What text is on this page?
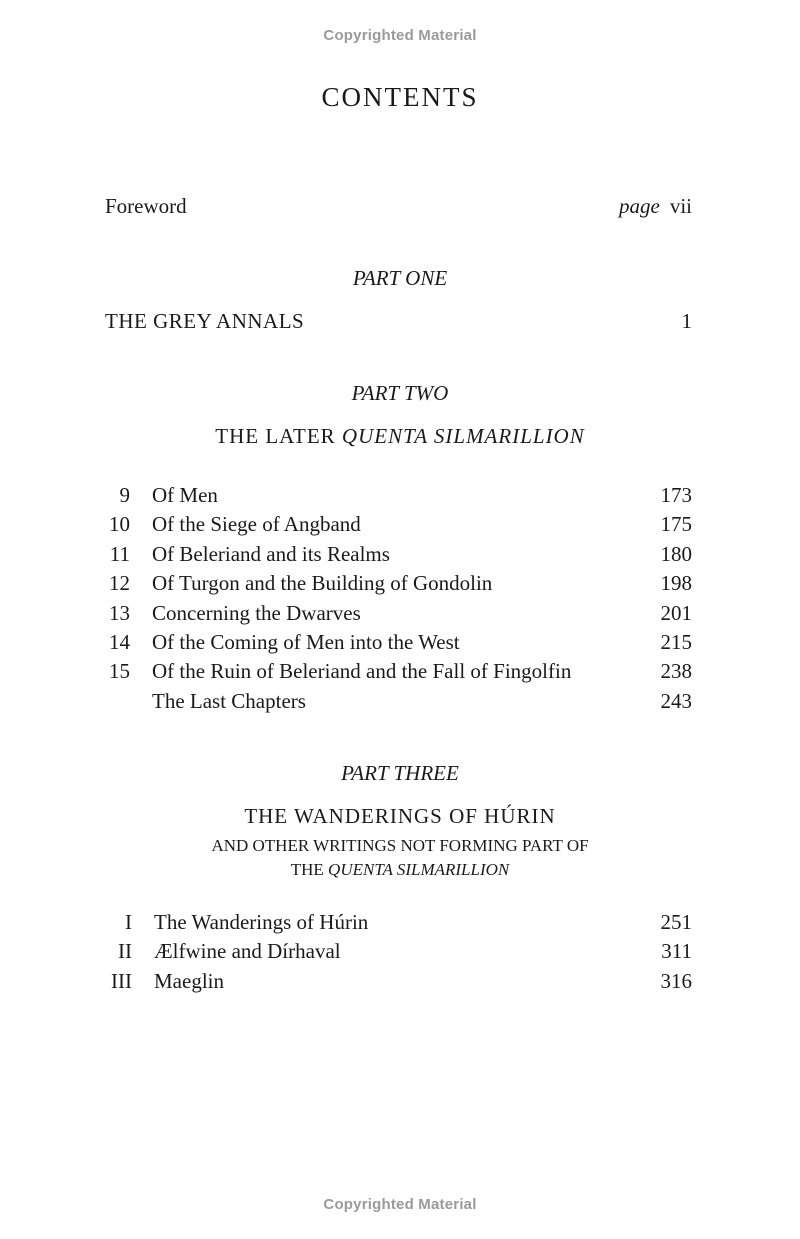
Copyrighted Material
CONTENTS
Foreword	page vii
PART ONE
THE GREY ANNALS	1
PART TWO
THE LATER QUENTA SILMARILLION
9 Of Men	173
10 Of the Siege of Angband	175
11 Of Beleriand and its Realms	180
12 Of Turgon and the Building of Gondolin	198
13 Concerning the Dwarves	201
14 Of the Coming of Men into the West	215
15 Of the Ruin of Beleriand and the Fall of Fingolfin	238
The Last Chapters	243
PART THREE
THE WANDERINGS OF HÚRIN
AND OTHER WRITINGS NOT FORMING PART OF
THE QUENTA SILMARILLION
I The Wanderings of Húrin	251
II Ælfwine and Dírhaval	311
III Maeglin	316
Copyrighted Material
